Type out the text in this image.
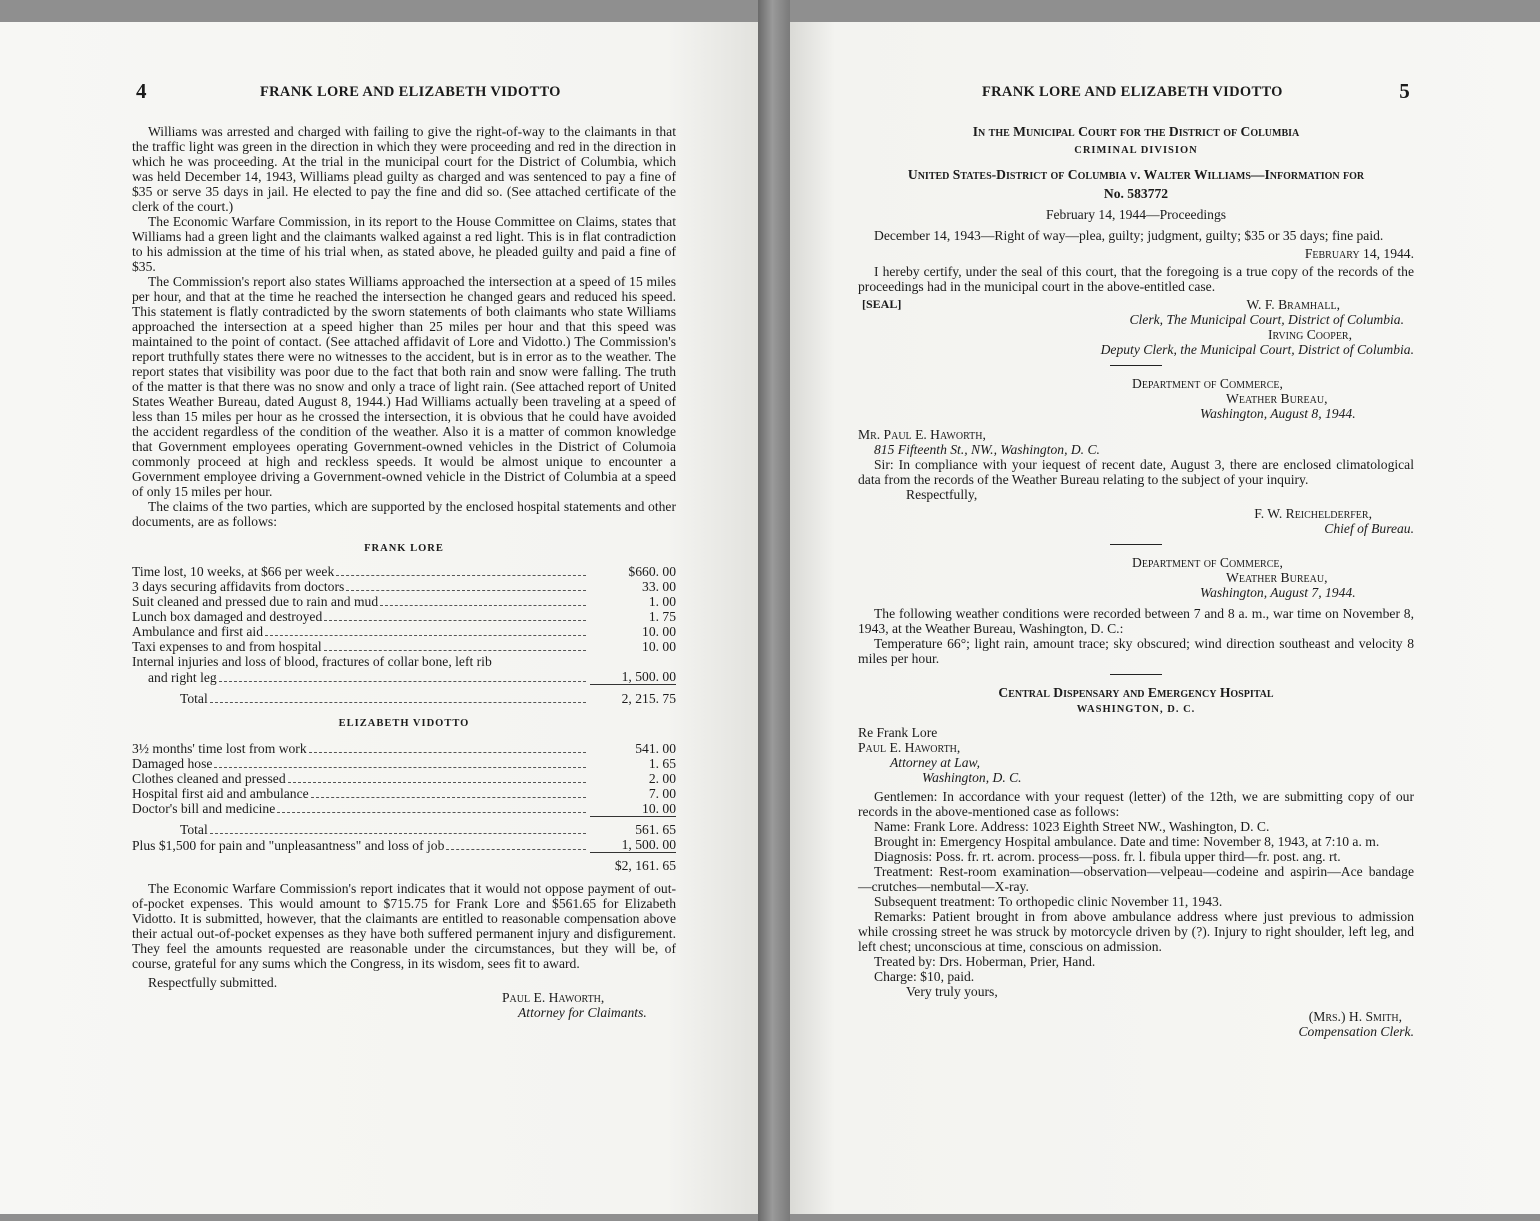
4	FRANK LORE AND ELIZABETH VIDOTTO

Williams was arrested and charged with failing to give the right-of-way to the claimants in that the traffic light was green in the direction in which they were proceeding and red in the direction in which he was proceeding. At the trial in the municipal court for the District of Columbia, which was held December 14, 1943, Williams plead guilty as charged and was sentenced to pay a fine of $35 or serve 35 days in jail. He elected to pay the fine and did so. (See attached certificate of the clerk of the court.)

The Economic Warfare Commission, in its report to the House Committee on Claims, states that Williams had a green light and the claimants walked against a red light. This is in flat contradiction to his admission at the time of his trial when, as stated above, he pleaded guilty and paid a fine of $35.

The Commission's report also states Williams approached the intersection at a speed of 15 miles per hour, and that at the time he reached the intersection he changed gears and reduced his speed. This statement is flatly contradicted by the sworn statements of both claimants who state Williams approached the intersection at a speed higher than 25 miles per hour and that this speed was maintained to the point of contact. (See attached affidavit of Lore and Vidotto.) The Commission's report truthfully states there were no witnesses to the accident, but is in error as to the weather. The report states that visibility was poor due to the fact that both rain and snow were falling. The truth of the matter is that there was no snow and only a trace of light rain. (See attached report of United States Weather Bureau, dated August 8, 1944.) Had Williams actually been traveling at a speed of less than 15 miles per hour as he crossed the intersection, it is obvious that he could have avoided the accident regardless of the condition of the weather. Also it is a matter of common knowledge that Government employees operating Government-owned vehicles in the District of Columoia commonly proceed at high and reckless speeds. It would be almost unique to encounter a Government employee driving a Government-owned vehicle in the District of Columbia at a speed of only 15 miles per hour.

The claims of the two parties, which are supported by the enclosed hospital statements and other documents, are as follows:

FRANK LORE

Time lost, 10 weeks, at $66 per week	$660. 00

3 days securing affidavits from doctors	33. 00

Suit cleaned and pressed due to rain and mud	1. 00

Lunch box damaged and destroyed	1. 75

Ambulance and first aid	10. 00

Taxi expenses to and from hospital	10. 00
Internal injuries and loss of blood, fractures of collar bone, left rib	

and right leg	1, 500. 00

Total	2, 215. 75

ELIZABETH VIDOTTO

3½ months' time lost from work	541. 00

Damaged hose	1. 65

Clothes cleaned and pressed	2. 00

Hospital first aid and ambulance	7. 00

Doctor's bill and medicine	10. 00

Total	561. 65

Plus $1,500 for pain and "unpleasantness" and loss of job	1, 500. 00

	$2, 161. 65

The Economic Warfare Commission's report indicates that it would not oppose payment of out-of-pocket expenses. This would amount to $715.75 for Frank Lore and $561.65 for Elizabeth Vidotto. It is submitted, however, that the claimants are entitled to reasonable compensation above their actual out-of-pocket expenses as they have both suffered permanent injury and disfigurement. They feel the amounts requested are reasonable under the circumstances, but they will be, of course, grateful for any sums which the Congress, in its wisdom, sees fit to award.

Respectfully submitted.

Paul E. Haworth,

Attorney for Claimants.

FRANK LORE AND ELIZABETH VIDOTTO	5

In the Municipal Court for the District of Columbia

CRIMINAL DIVISION

United States-District of Columbia v. Walter Williams—Information for

No. 583772

February 14, 1944—Proceedings

December 14, 1943—Right of way—plea, guilty; judgment, guilty; $35 or 35 days; fine paid.

February 14, 1944.

I hereby certify, under the seal of this court, that the foregoing is a true copy of the records of the proceedings had in the municipal court in the above-entitled case.

[SEAL]	W. F. Bramhall,

Clerk, The Municipal Court, District of Columbia.

Irving Cooper,

Deputy Clerk, the Municipal Court, District of Columbia.

Department of Commerce,

Weather Bureau,

Washington, August 8, 1944.

Mr. Paul E. Haworth,

815 Fifteenth St., NW., Washington, D. C.

Sir: In compliance with your iequest of recent date, August 3, there are enclosed climatological data from the records of the Weather Bureau relating to the subject of your inquiry.

Respectfully,

F. W. Reichelderfer,

Chief of Bureau.

Department of Commerce,

Weather Bureau,

Washington, August 7, 1944.

The following weather conditions were recorded between 7 and 8 a. m., war time on November 8, 1943, at the Weather Bureau, Washington, D. C.:

Temperature 66°; light rain, amount trace; sky obscured; wind direction southeast and velocity 8 miles per hour.

Central Dispensary and Emergency Hospital

WASHINGTON, D. C.

Re Frank Lore

Paul E. Haworth,

Attorney at Law,

Washington, D. C.

Gentlemen: In accordance with your request (letter) of the 12th, we are submitting copy of our records in the above-mentioned case as follows:

Name: Frank Lore. Address: 1023 Eighth Street NW., Washington, D. C.

Brought in: Emergency Hospital ambulance. Date and time: November 8, 1943, at 7:10 a. m.

Diagnosis: Poss. fr. rt. acrom. process—poss. fr. l. fibula upper third—fr. post. ang. rt.

Treatment: Rest-room examination—observation—velpeau—codeine and aspirin—Ace bandage—crutches—nembutal—X-ray.

Subsequent treatment: To orthopedic clinic November 11, 1943.

Remarks: Patient brought in from above ambulance address where just previous to admission while crossing street he was struck by motorcycle driven by (?). Injury to right shoulder, left leg, and left chest; unconscious at time, conscious on admission.

Treated by: Drs. Hoberman, Prier, Hand.

Charge: $10, paid.

Very truly yours,

(Mrs.) H. Smith,

Compensation Clerk.
